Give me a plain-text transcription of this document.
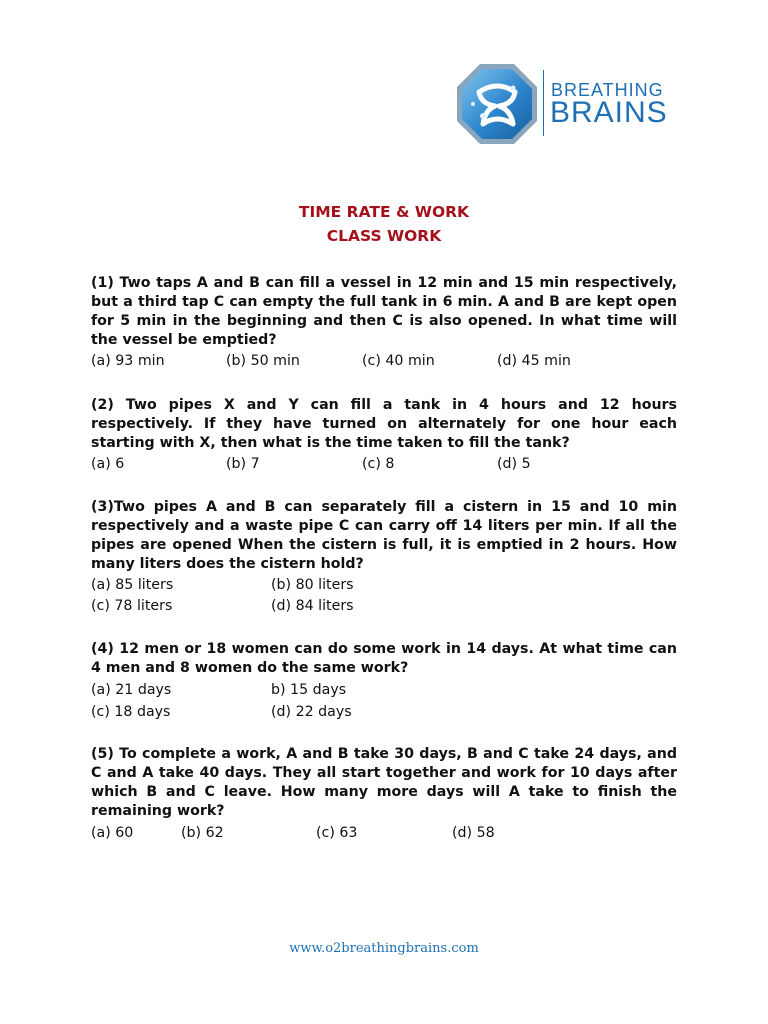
BREATHING
BRAINS
TIME RATE & WORK
CLASS WORK
(1) Two taps A and B can fill a vessel in 12 min and 15 min respectively, but a third tap C can empty the full tank in 6 min. A and B are kept open for 5 min in the beginning and then C is also opened. In what time will the vessel be emptied?
(a) 93 min	(b) 50 min	(c) 40 min	(d) 45 min
(2) Two pipes X and Y can fill a tank in 4 hours and 12 hours respectively. If they have turned on alternately for one hour each starting with X, then what is the time taken to fill the tank?
(a) 6	(b) 7	(c) 8	(d) 5
(3)Two pipes A and B can separately fill a cistern in 15 and 10 min respectively and a waste pipe C can carry off 14 liters per min. If all the pipes are opened When the cistern is full, it is emptied in 2 hours. How many liters does the cistern hold?
(a) 85 liters	(b) 80 liters
(c) 78 liters	(d) 84 liters
(4) 12 men or 18 women can do some work in 14 days. At what time can 4 men and 8 women do the same work?
(a) 21 days	b) 15 days
(c) 18 days	(d) 22 days
(5) To complete a work, A and B take 30 days, B and C take 24 days, and C and A take 40 days. They all start together and work for 10 days after which B and C leave. How many more days will A take to finish the remaining work?
(a) 60	(b) 62	(c) 63	(d) 58
www.o2breathingbrains.com
